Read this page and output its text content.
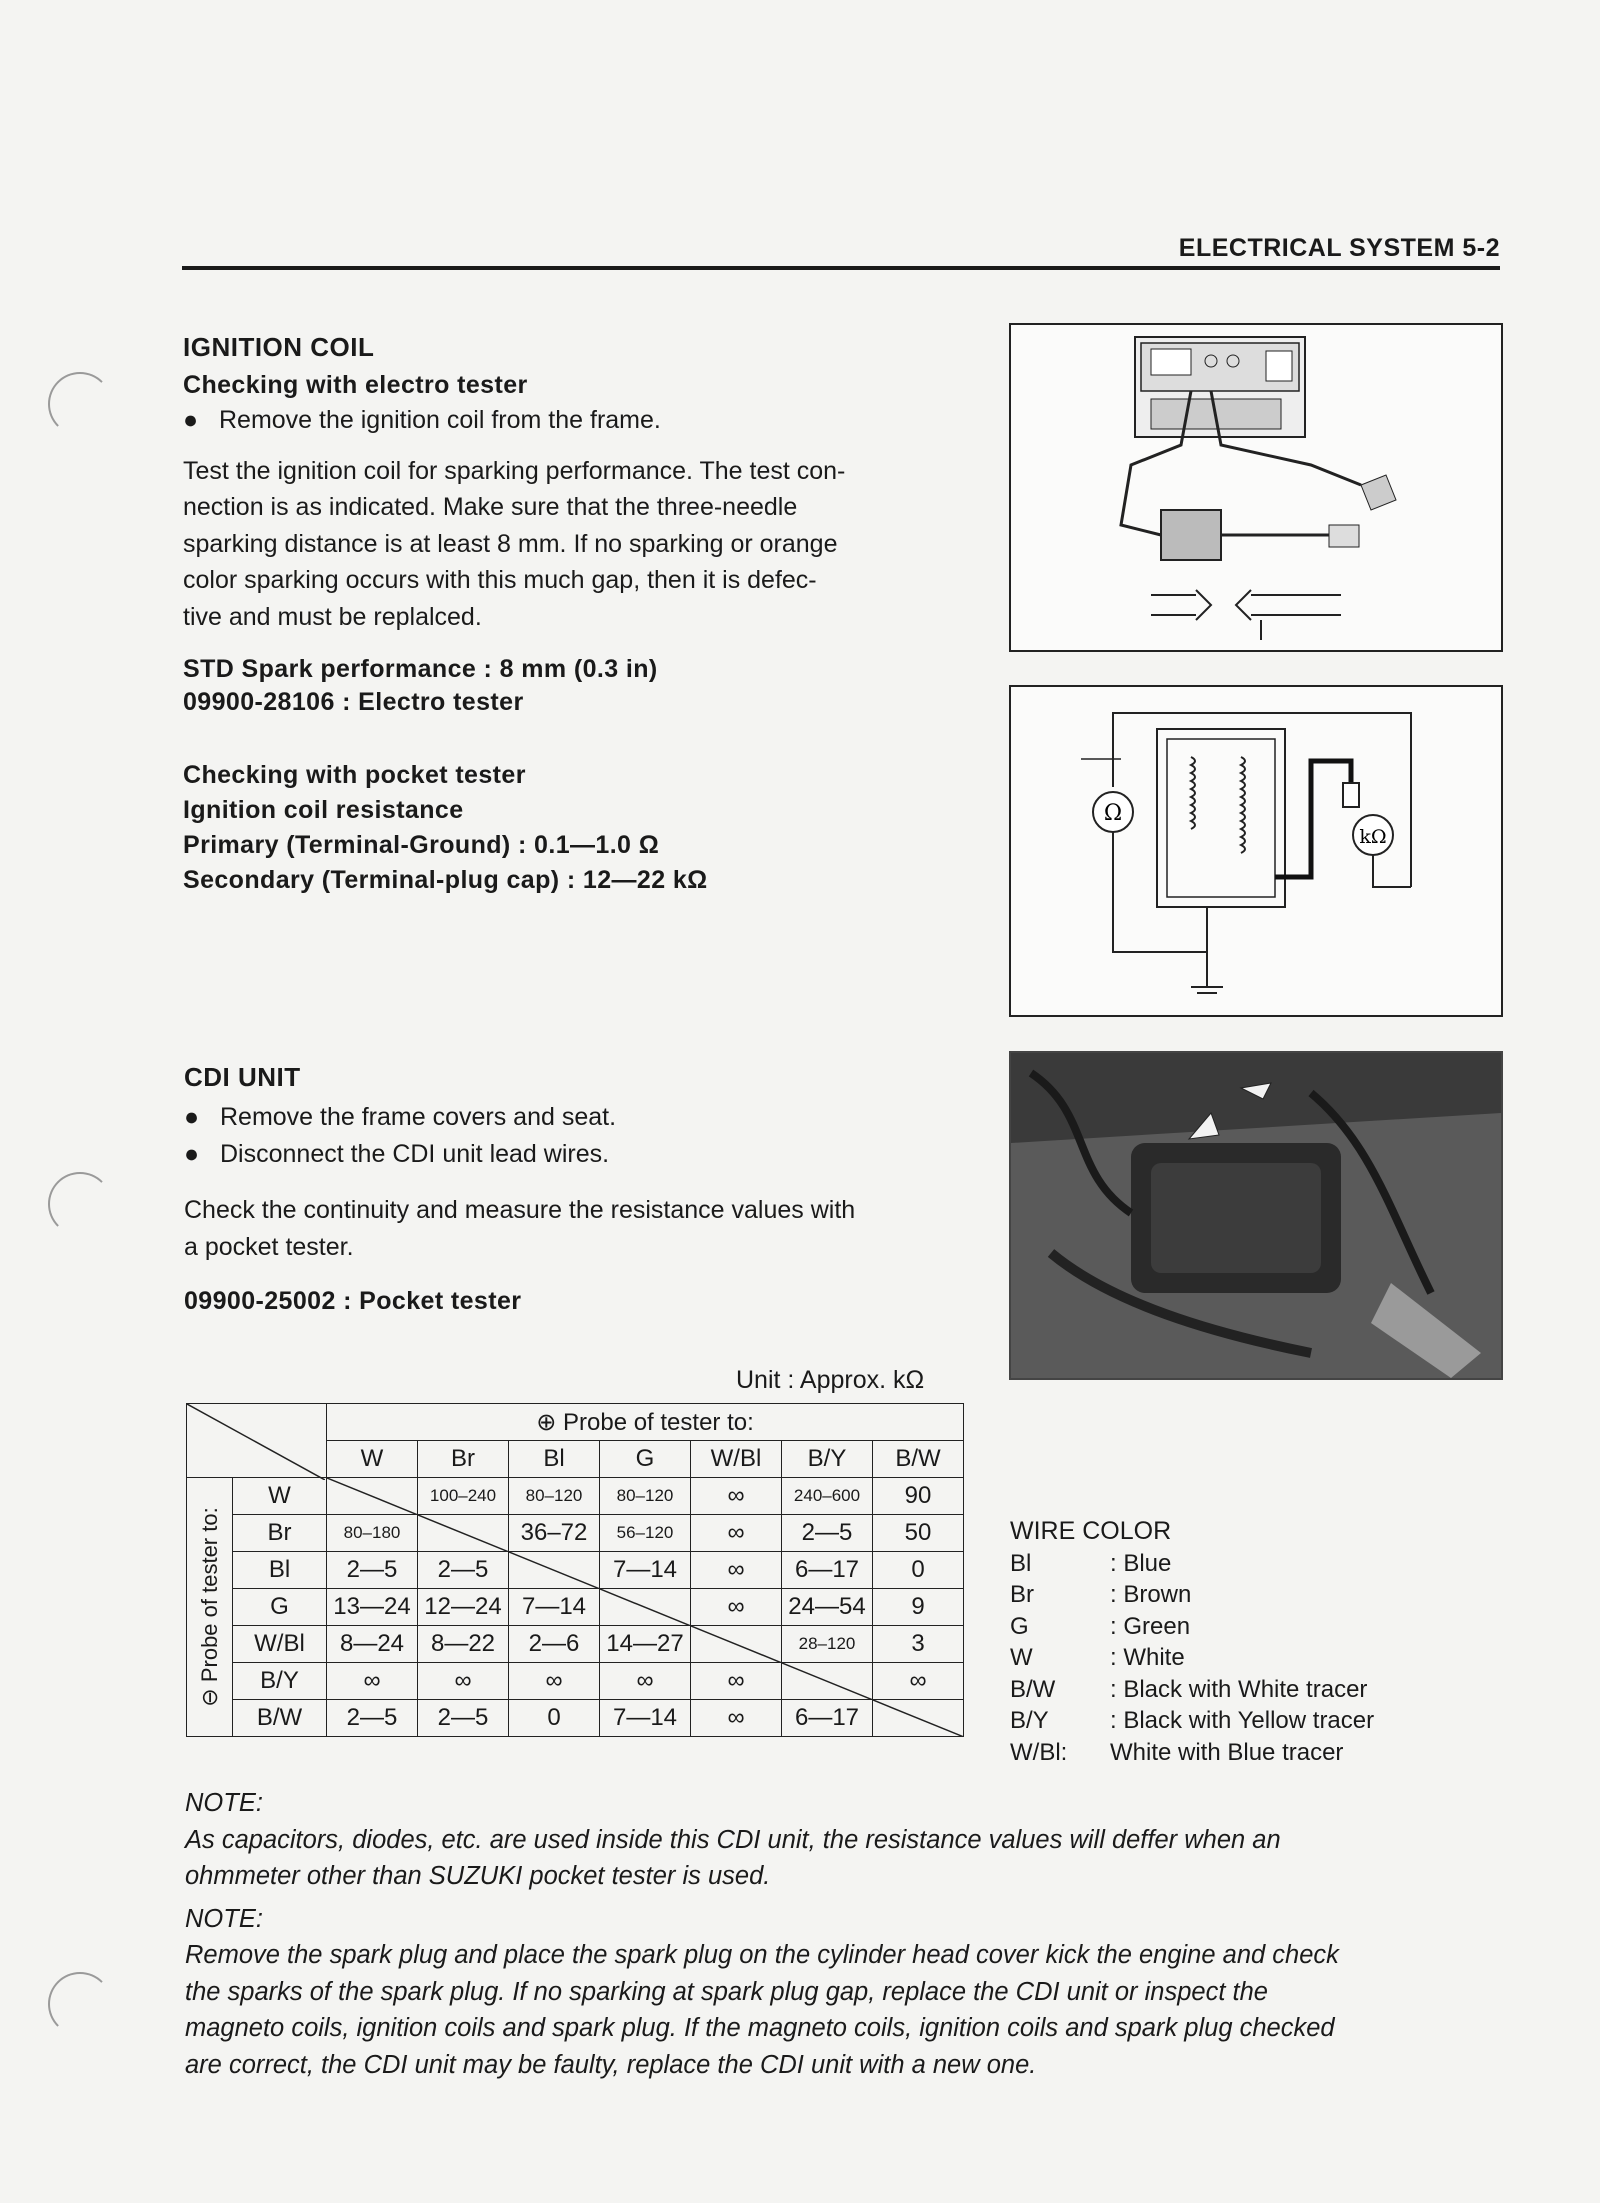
ELECTRICAL SYSTEM 5-2
IGNITION COIL
Checking with electro tester
● Remove the ignition coil from the frame.
Test the ignition coil for sparking performance. The test con-
nection is as indicated. Make sure that the three-needle
sparking distance is at least 8 mm. If no sparking or orange
color sparking occurs with this much gap, then it is defec-
tive and must be replalced.
STD Spark performance : 8 mm (0.3 in)
09900-28106 : Electro tester
Checking with pocket tester
Ignition coil resistance
Primary (Terminal-Ground) : 0.1—1.0 Ω
Secondary (Terminal-plug cap) : 12—22 kΩ
Ω
kΩ
CDI UNIT
● Remove the frame covers and seat.
● Disconnect the CDI unit lead wires.
Check the continuity and measure the resistance values with
a pocket tester.
09900-25002 : Pocket tester
Unit : Approx. kΩ
	⊕ Probe of tester to:						
		W	Br	Bl	G	W/Bl	B/Y	B/W

⊖ Probe of tester to:	W		100–240	80–120	80–120	∞	240–600	90
	Br	80–180		36–72	56–120	∞	2—5	50
	Bl	2—5	2—5		7—14	∞	6—17	0
	G	13—24	12—24	7—14		∞	24—54	9
	W/Bl	8—24	8—22	2—6	14—27		28–120	3
	B/Y	∞	∞	∞	∞	∞		∞
	B/W	2—5	2—5	0	7—14	∞	6—17	
WIRE COLOR
Bl	: Blue
Br	: Brown
G	: Green
W	: White
B/W	: Black with White tracer
B/Y	: Black with Yellow tracer
W/Bl:	White with Blue tracer
NOTE:
As capacitors, diodes, etc. are used inside this CDI unit, the resistance values will deffer when an
ohmmeter other than SUZUKI pocket tester is used.
NOTE:
Remove the spark plug and place the spark plug on the cylinder head cover kick the engine and check
the sparks of the spark plug. If no sparking at spark plug gap, replace the CDI unit or inspect the
magneto coils, ignition coils and spark plug. If the magneto coils, ignition coils and spark plug checked
are correct, the CDI unit may be faulty, replace the CDI unit with a new one.
